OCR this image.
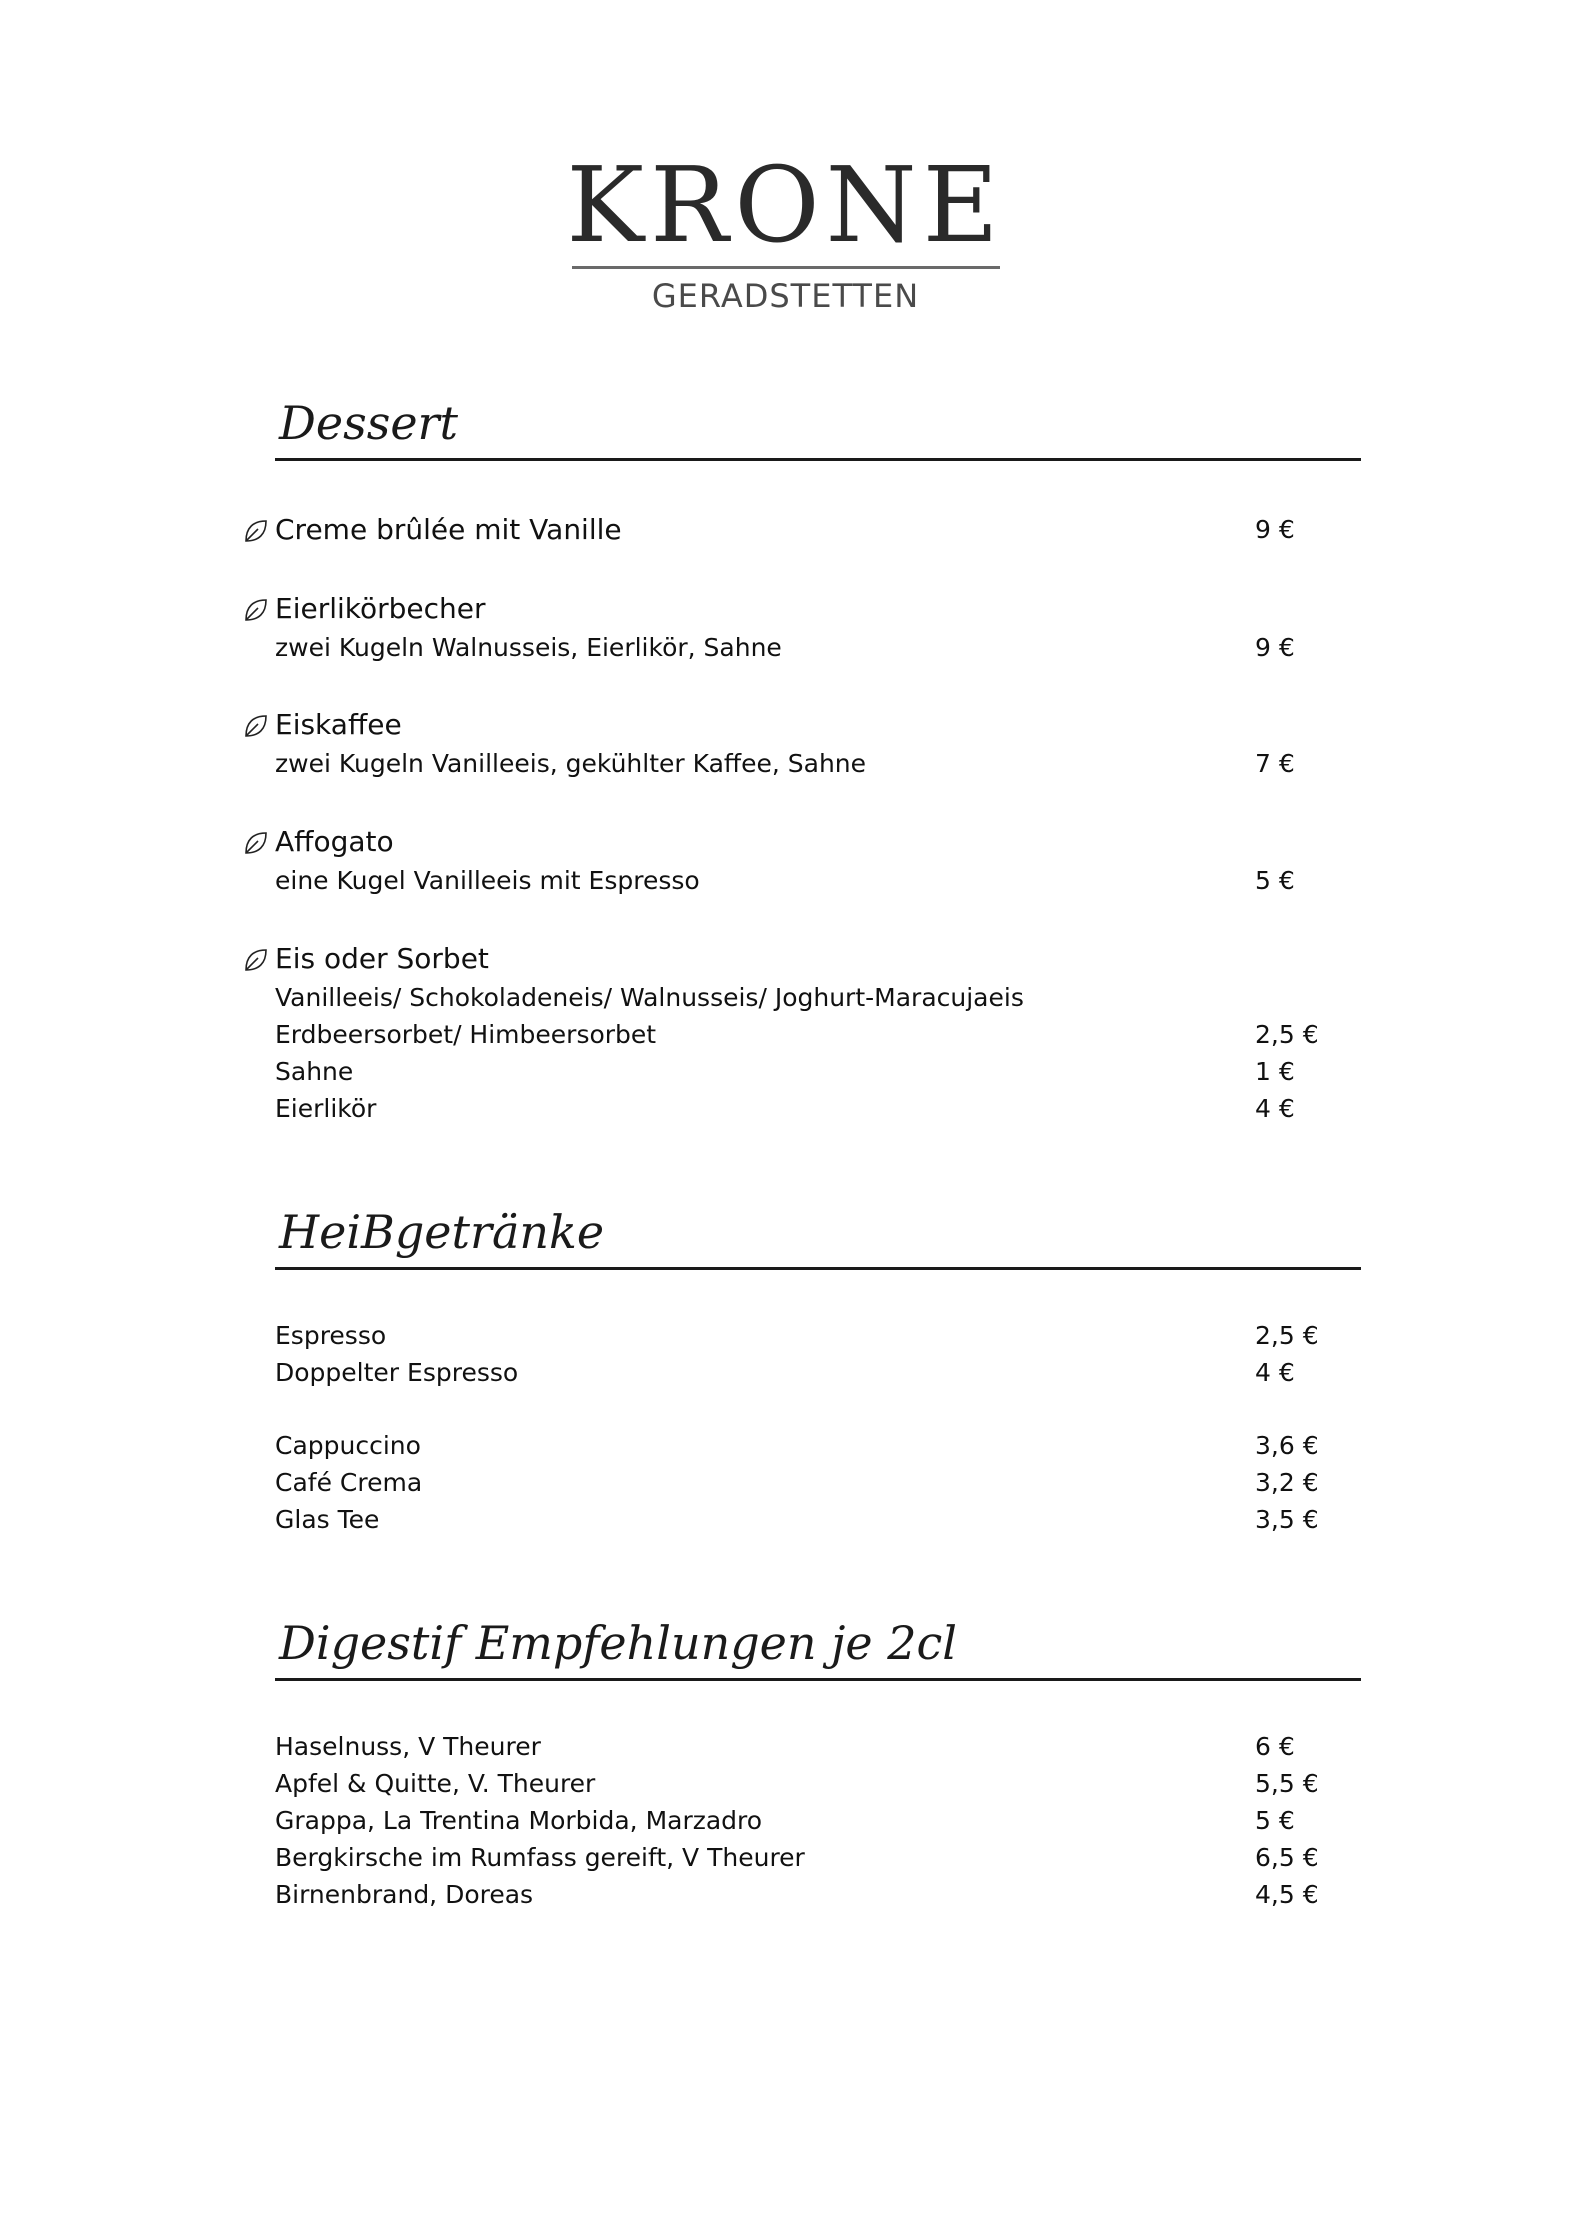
KRONE
GERADSTETTEN
Dessert
Creme brûlée mit Vanille	9 €
Eierlikörbecher
zwei Kugeln Walnusseis, Eierlikör, Sahne	9 €
Eiskaffee
zwei Kugeln Vanilleeis, gekühlter Kaffee, Sahne	7 €
Affogato
eine Kugel Vanilleeis mit Espresso	5 €
Eis oder Sorbet
Vanilleeis/ Schokoladeneis/ Walnusseis/ Joghurt-Maracujaeis
Erdbeersorbet/ Himbeersorbet	2,5 €
Sahne	1 €
Eierlikör	4 €
HeiBgetränke
Espresso	2,5 €
Doppelter Espresso	4 €
Cappuccino	3,6 €
Café Crema	3,2 €
Glas Tee	3,5 €
Digestif Empfehlungen je 2cl
Haselnuss, V Theurer	6 €
Apfel & Quitte, V. Theurer	5,5 €
Grappa, La Trentina Morbida, Marzadro	5 €
Bergkirsche im Rumfass gereift, V Theurer	6,5 €
Birnenbrand, Doreas	4,5 €
